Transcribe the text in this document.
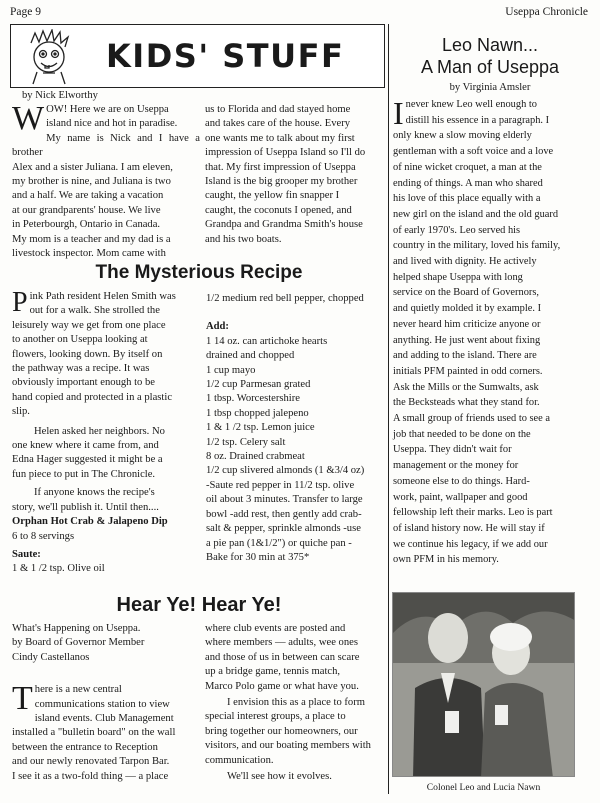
Page 9	Useppa Chronicle
KIDS' STUFF
by Nick Elworthy
W OW! Here we are on Useppa
island nice and hot in paradise.
My name is Nick and I have a brother
Alex and a sister Juliana. I am eleven,
my brother is nine, and Juliana is two
and a half. We are taking a vacation
at our grandparents' house. We live
in Peterbourgh, Ontario in Canada.
My mom is a teacher and my dad is a
livestock inspector. Mom came with
us to Florida and dad stayed home
and takes care of the house. Every
one wants me to talk about my first
impression of Useppa Island so I'll do
that. My first impression of Useppa
Island is the big grooper my brother
caught, the yellow fin snapper I
caught, the coconuts I opened, and
Grandpa and Grandma Smith's house
and his two boats.
The Mysterious Recipe
P ink Path resident Helen Smith was
out for a walk. She strolled the
leisurely way we get from one place
to another on Useppa looking at
flowers, looking down. By itself on
the pathway was a recipe. It was
obviously important enough to be
hand copied and protected in a plastic
slip.
Helen asked her neighbors. No
one knew where it came from, and
Edna Hager suggested it might be a
fun piece to put in The Chronicle.
If anyone knows the recipe's
story, we'll publish it. Until then....
Orphan Hot Crab & Jalapeno Dip
6 to 8 servings
Saute:
1 & 1 /2 tsp. Olive oil
1/2 medium red bell pepper, chopped
Add:
1 14 oz. can artichoke hearts
drained and chopped
1 cup mayo
1/2 cup Parmesan grated
1 tbsp. Worcestershire
1 tbsp chopped jalepeno
1 & 1 /2 tsp. Lemon juice
1/2 tsp. Celery salt
8 oz. Drained crabmeat
1/2 cup slivered almonds (1 &3/4 oz)
-Saute red pepper in 11/2 tsp. olive
oil about 3 minutes. Transfer to large
bowl -add rest, then gently add crab-
salt & pepper, sprinkle almonds -use
a pie pan (1&1/2") or quiche pan -
Bake for 30 min at 375*
Hear Ye! Hear Ye!
What's Happening on Useppa.
by Board of Governor Member
Cindy Castellanos
T here is a new central
communications station to view
island events. Club Management
installed a "bulletin board" on the wall
between the entrance to Reception
and our newly renovated Tarpon Bar.
I see it as a two-fold thing — a place
where club events are posted and
where members — adults, wee ones
and those of us in between can scare
up a bridge game, tennis match,
Marco Polo game or what have you.
I envision this as a place to form
special interest groups, a place to
bring together our homeowners, our
visitors, and our boating members with
communication.
We'll see how it evolves.
Leo Nawn...
A Man of Useppa
by Virginia Amsler
I never knew Leo well enough to
distill his essence in a paragraph. I
only knew a slow moving elderly
gentleman with a soft voice and a love
of nine wicket croquet, a man at the
ending of things. A man who shared
his love of this place equally with a
new girl on the island and the old guard
of early 1970's. Leo served his
country in the military, loved his family,
and lived with dignity. He actively
helped shape Useppa with long
service on the Board of Governors,
and quietly molded it by example. I
never heard him criticize anyone or
anything. He just went about fixing
and adding to the island. There are
initials PFM painted in odd corners.
Ask the Mills or the Sumwalts, ask
the Becksteads what they stand for.
A small group of friends used to see a
job that needed to be done on the
Useppa. They didn't wait for
management or the money for
someone else to do things. Hard-
work, paint, wallpaper and good
fellowship left their marks. Leo is part
of island history now. He will stay if
we continue his legacy, if we add our
own PFM in his memory.
Colonel Leo and Lucia Nawn
